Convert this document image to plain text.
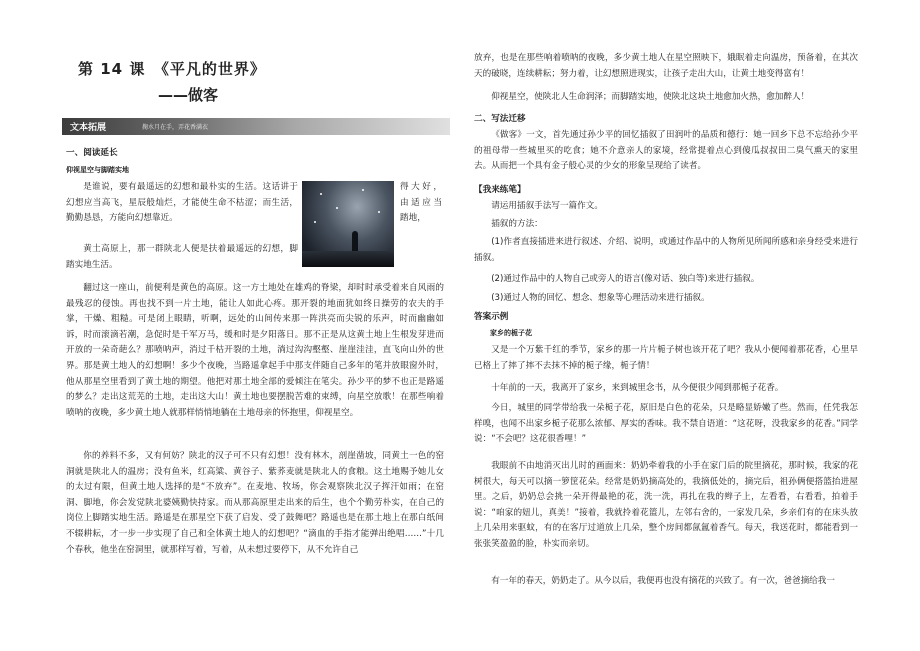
第 14 课　《平凡的世界》
——做客
文本拓展	掬水月在手，弄花香满衣
一、阅读延长
仰视星空与脚踏实地

是谁说，要有最遥远的幻想和最朴实的生活。这话讲于幻想应当高飞，星辰般灿烂，才能使生命不枯涩；而生活，勤勤恳恳，方能向幻想靠近。

得大好，由适应当踏地，

黄土高原上，那一群陕北人便是扶着最遥远的幻想，脚踏实地生活。

翻过这一座山，前便利是黄色的高原。这一方土地处在雄鸡的脊梁，却时时承受着来自风雨的最残忍的侵蚀。再也找不到一片土地，能让人如此心疼。那开裂的地面犹如终日操劳的农夫的手掌，干燥、粗糙。可是闭上眼睛，听啊，远处的山间传来那一阵洪亮而尖锐的乐声，时而幽幽如诉，时而滚滴若潮，急促时是千军万马，缓和时是夕阳落日。那不正是从这黄土地上生根发芽进而开放的一朵奇葩么？那喷呐声，消过千枯开裂的土地，淌过沟沟壑壑、崖崖洼洼，直飞向山外的世界。那是黄土地人的幻想啊！多少个夜晚，当路遥拿起手中那支伴随自己多年的笔并放眼窗外时，他从那星空里看到了黄土地的期望。他把对那土地全部的爱倾注在笔尖。孙少平的梦不也正是路遥的梦么？走出这荒芜的土地，走出这大山！黄土地也要摆脱苦难的束缚，向星空放歌！在那些响着喷呐的夜晚，多少黄土地人就那样悄悄地躺在土地母亲的怀抱里，仰视星空。

你的养料不多，又有何妨？陕北的汉子可不只有幻想！没有林木，剖崖凿坡，同黄土一色的窑洞就是陕北人的温房；没有鱼米，红高粱、黄谷子、紫荞麦就是陕北人的食粮。这土地赐予她儿女的太过有限，但黄土地人选择的是“不放弃”。在麦地、牧场，你会观察陕北汉子挥汗如雨；在窑洞、脚地，你会发觉陕北婆姨勤快持家。而从那高原里走出来的后生，也个个勤劳朴实，在自己的岗位上脚踏实地生活。路遥是在那星空下获了启发、受了鼓舞吧？路遥也是在那土地上在那白纸间不辍耕耘，才一步一步实现了自己和全体黄土地人的幻想吧？“滴血的手指才能弹出绝唱……”十几个春秋，他坐在窑洞里，就那样写着，写着，从未想过要停下，从不允许自己

放弃，也是在那些响着喷呐的夜晚，多少黄土地人在星空照映下，娥眠着走向温房，预备着，在其次天的破晓，连续耕耘；努力着，让幻想照进现实，让孩子走出大山，让黄土地变得富有！

仰视星空，使陕北人生命润泽；而脚踏实地，使陕北这块土地愈加火热，愈加醉人！

二、写法迁移

《做客》一文，首先通过孙少平的回忆插叙了田润叶的品质和德行：她一回乡下总不忘给孙少平的祖母带一些城里买的吃食；她不介意亲人的家境，经常提着点心到傻瓜叔叔田二臭气熏天的家里去。从而把一个具有金子般心灵的少女的形象呈现给了读者。

【我来练笔】

请运用插叙手法写一篇作文。

插叙的方法：

(1)作者直接插进来进行叙述、介绍、说明，或通过作品中的人物所见所闻所感和亲身经受来进行插叙。

(2)通过作品中的人物自己或旁人的语言(像对话、独白等)来进行插叙。

(3)通过人物的回忆、想念、想象等心理活动来进行插叙。

答案示例
家乡的栀子花

又是一个万紫千红的季节，家乡的那一片片栀子树也该开花了吧？我从小便闻着那花香，心里早已格上了摔了摔不去抹不掉的栀子缘，栀子情！

十年前的一天，我离开了家乡，来到城里念书，从今便很少闻到那栀子花香。

今日，城里的同学带给我一朵栀子花，原旧是白色的花朵，只是略显娇嫩了些。然而，任凭我怎样嗅，也闻不出家乡栀子花那么浓郁、厚实的香味。我不禁自语道：“这花呀，没我家乡的花香。”同学说：“不会吧？这花很香哩！”

我眼前不由地消灭出儿时的画面来：奶奶牵着我的小手在家门后的院里摘花，那时候，我家的花树很大，每天可以摘一箩筐花朵。经常是奶奶摘高处的，我摘低处的，摘完后，祖孙俩便搭篮抬进屋里。之后，奶奶总会挑一朵开得最艳的花，洗一洗，再扎在我的辫子上，左看看，右看看，拍着手说：“咱家的妞儿，真美！”接着，我就拎着花篮儿，左邻右舍的，一家发几朵，乡亲们有的在床头放上几朵用来驱蚊，有的在客厅过道放上几朵，整个房间都氤氲着香气。每天，我送花时，都能看到一张张笑盈盈的脸，朴实而亲切。

有一年的春天，奶奶走了。从今以后，我便再也没有摘花的兴致了。有一次，爸爸摘给我一
